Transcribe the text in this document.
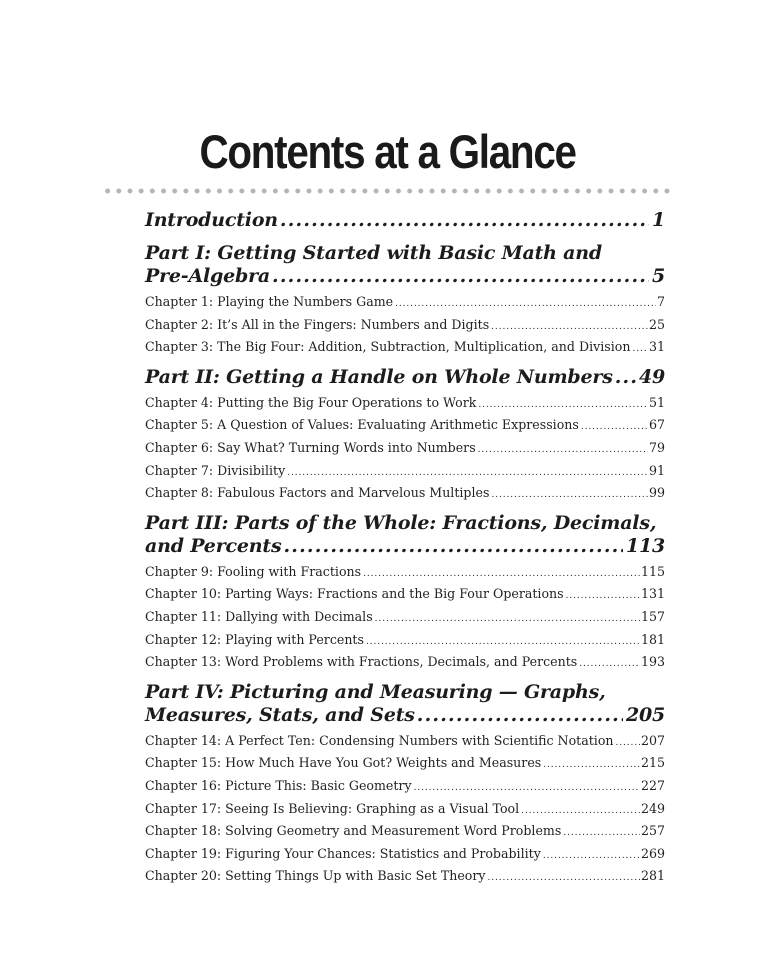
Contents at a Glance
Introduction .....	1
Part I: Getting Started with Basic Math and
Pre-Algebra .....	5
Chapter 1: Playing the Numbers Game .....	7
Chapter 2: It’s All in the Fingers: Numbers and Digits .....	25
Chapter 3: The Big Four: Addition, Subtraction, Multiplication, and Division ..... 31
Part II: Getting a Handle on Whole Numbers ..... 49
Chapter 4: Putting the Big Four Operations to Work .....	51
Chapter 5: A Question of Values: Evaluating Arithmetic Expressions .....	67
Chapter 6: Say What? Turning Words into Numbers .....	79
Chapter 7: Divisibility .....	91
Chapter 8: Fabulous Factors and Marvelous Multiples .....	99
Part III: Parts of the Whole: Fractions, Decimals,
and Percents .....	113
Chapter 9: Fooling with Fractions .....	115
Chapter 10: Parting Ways: Fractions and the Big Four Operations .....	131
Chapter 11: Dallying with Decimals .....	157
Chapter 12: Playing with Percents .....	181
Chapter 13: Word Problems with Fractions, Decimals, and Percents .....	193
Part IV: Picturing and Measuring — Graphs,
Measures, Stats, and Sets .....	205
Chapter 14: A Perfect Ten: Condensing Numbers with Scientific Notation ..... 207
Chapter 15: How Much Have You Got? Weights and Measures .....	215
Chapter 16: Picture This: Basic Geometry .....	227
Chapter 17: Seeing Is Believing: Graphing as a Visual Tool .....	249
Chapter 18: Solving Geometry and Measurement Word Problems .....	257
Chapter 19: Figuring Your Chances: Statistics and Probability .....	269
Chapter 20: Setting Things Up with Basic Set Theory .....	281
